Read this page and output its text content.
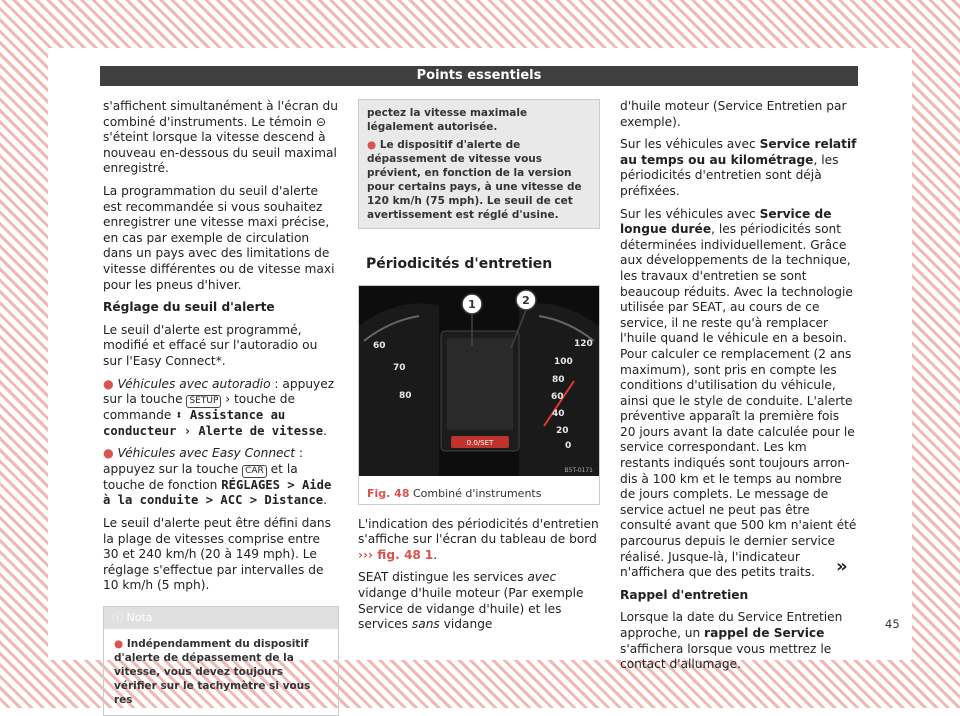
Points essentiels

s'affichent simultanément à l'écran du combiné d'instruments. Le témoin ⊝ s'éteint lorsque la vitesse descend à nouveau en-dessous du seuil maximal enregistré.

La programmation du seuil d'alerte est recommandée si vous souhaitez enregistrer une vitesse maxi précise, en cas par exemple de circulation dans un pays avec des limitations de vitesse différentes ou de vitesse maxi pour les pneus d'hiver.

Réglage du seuil d'alerte

Le seuil d'alerte est programmé, modifié et effacé sur l'autoradio ou sur l'Easy Connect*.

● Véhicules avec autoradio : appuyez sur la touche SETUP › touche de commande ⬍ Assistance au conducteur › Alerte de vitesse.

● Véhicules avec Easy Connect : appuyez sur la touche CAR et la touche de fonction RÉGLAGES > Aide à la conduite > ACC > Distance.

Le seuil d'alerte peut être défini dans la plage de vitesses comprise entre 30 et 240 km/h (20 à 149 mph). Le réglage s'effectue par intervalles de 10 km/h (5 mph).

ⓘ Nota
● Indépendamment du dispositif d'alerte de dépassement de la vitesse, vous devez toujours vérifier sur le tachymètre si vous res
pectez la vitesse maximale légalement autorisée.
● Le dispositif d'alerte de dépassement de vitesse vous prévient, en fonction de la version pour certains pays, à une vitesse de 120 km/h (75 mph). Le seuil de cet avertissement est réglé d'usine.
Périodicités d'entretien
0.0/SET
60
70
80
120
100
80
60
40
20
0
1	2
B5T-0171
Fig. 48 Combiné d'instruments

L'indication des périodicités d'entretien s'affiche sur l'écran du tableau de bord ››› fig. 48 1.

SEAT distingue les services avec vidange d'huile moteur (Par exemple Service de vidange d'huile) et les services sans vidange

d'huile moteur (Service Entretien par exemple).

Sur les véhicules avec Service relatif au temps ou au kilométrage, les périodicités d'entretien sont déjà préfixées.

Sur les véhicules avec Service de longue durée, les périodicités sont déterminées individuellement. Grâce aux développements de la technique, les travaux d'entretien se sont beaucoup réduits. Avec la technologie utilisée par SEAT, au cours de ce service, il ne reste qu'à remplacer l'huile quand le véhicule en a besoin. Pour calculer ce remplacement (2 ans maximum), sont pris en compte les conditions d'utilisation du véhicule, ainsi que le style de conduite. L'alerte préventive apparaît la première fois 20 jours avant la date calculée pour le service correspondant. Les km restants indiqués sont toujours arrondis à 100 km et le temps au nombre de jours complets. Le message de service actuel ne peut pas être consulté avant que 500 km n'aient été parcourus depuis le dernier service réalisé. Jusque-là, l'indicateur n'affichera que des petits traits.

Rappel d'entretien

Lorsque la date du Service Entretien approche, un rappel de Service s'affichera lorsque vous mettrez le contact d'allumage.

»
45
